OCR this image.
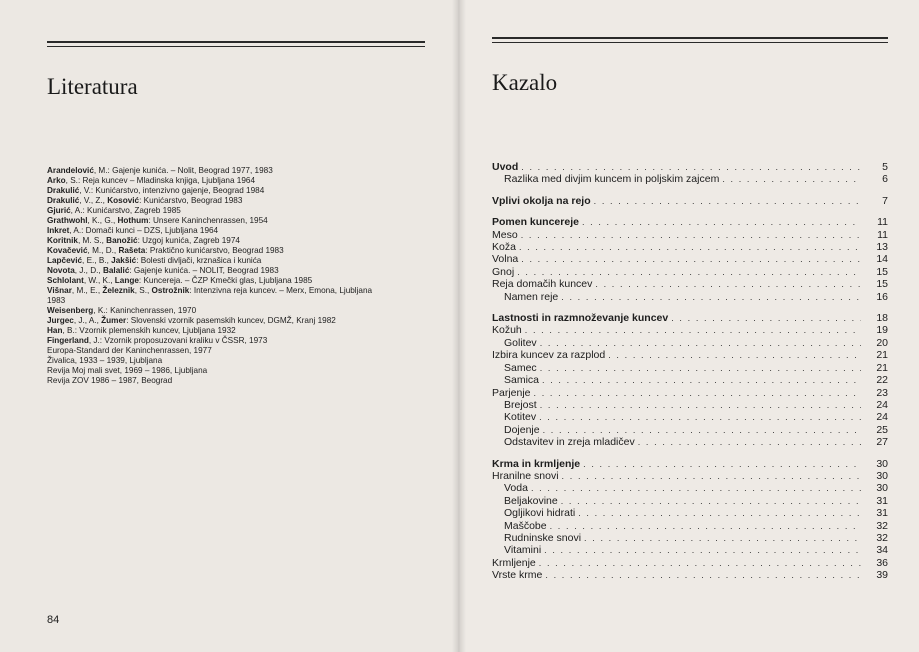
Literatura

Arandelović, M.: Gajenje kunića. – Nolit, Beograd 1977, 1983

Arko, S.: Reja kuncev – Mladinska knjiga, Ljubljana 1964

Drakulić, V.: Kunićarstvo, intenzivno gajenje, Beograd 1984

Drakulić, V., Z., Kosović: Kunićarstvo, Beograd 1983

Gjurić, A.: Kunićarstvo, Zagreb 1985

Grathwohl, K., G., Hothum: Unsere Kaninchenrassen, 1954

Inkret, A.: Domači kunci – DZS, Ljubljana 1964

Koritnik, M. S., Banožić: Uzgoj kunića, Zagreb 1974

Kovačević, M., D., Rašeta: Praktično kunićarstvo, Beograd 1983

Lapčević, E., B., Jakšić: Bolesti divljači, krznašica i kunića

Novota, J., D., Balalić: Gajenje kunića. – NOLIT, Beograd 1983

Schlolant, W., K., Lange: Kuncereja. – ČZP Kmečki glas, Ljubljana 1985

Višnar, M., E., Železnik, S., Ostrožnik: Intenzivna reja kuncev. – Merx, Emona, Ljubljana 1983

Weisenberg, K.: Kaninchenrassen, 1970

Jurgec, J., A., Žumer: Slovenski vzornik pasemskih kuncev, DGMŽ, Kranj 1982

Han, B.: Vzornik plemenskih kuncev, Ljubljana 1932

Fingerland, J.: Vzornik proposuzovani kraliku v ČSSR, 1973

Europa-Standard der Kaninchenrassen, 1977

Živalica, 1933 – 1939, Ljubljana

Revija Moj mali svet, 1969 – 1986, Ljubljana

Revija ZOV 1986 – 1987, Beograd

84
Kazalo
Uvod . . .	5
Razlika med divjim kuncem in poljskim zajcem . . .	6
Vplivi okolja na rejo . . .	7
Pomen kuncereje . . .	11
Meso . . .	11
Koža . . .	13
Volna . . .	14
Gnoj . . .	15
Reja domačih kuncev . . .	15
Namen reje . . .	16
Lastnosti in razmnoževanje kuncev . . .	18
Kožuh . . .	19
Golitev . . .	20
Izbira kuncev za razplod . . .	21
Samec . . .	21
Samica . . .	22
Parjenje . . .	23
Brejost . . .	24
Kotitev . . .	24
Dojenje . . .	25
Odstavitev in zreja mladičev . . .	27
Krma in krmljenje . . .	30
Hranilne snovi . . .	30
Voda . . .	30
Beljakovine . . .	31
Ogljikovi hidrati . . .	31
Maščobe . . .	32
Rudninske snovi . . .	32
Vitamini . . .	34
Krmljenje . . .	36
Vrste krme . . .	39
